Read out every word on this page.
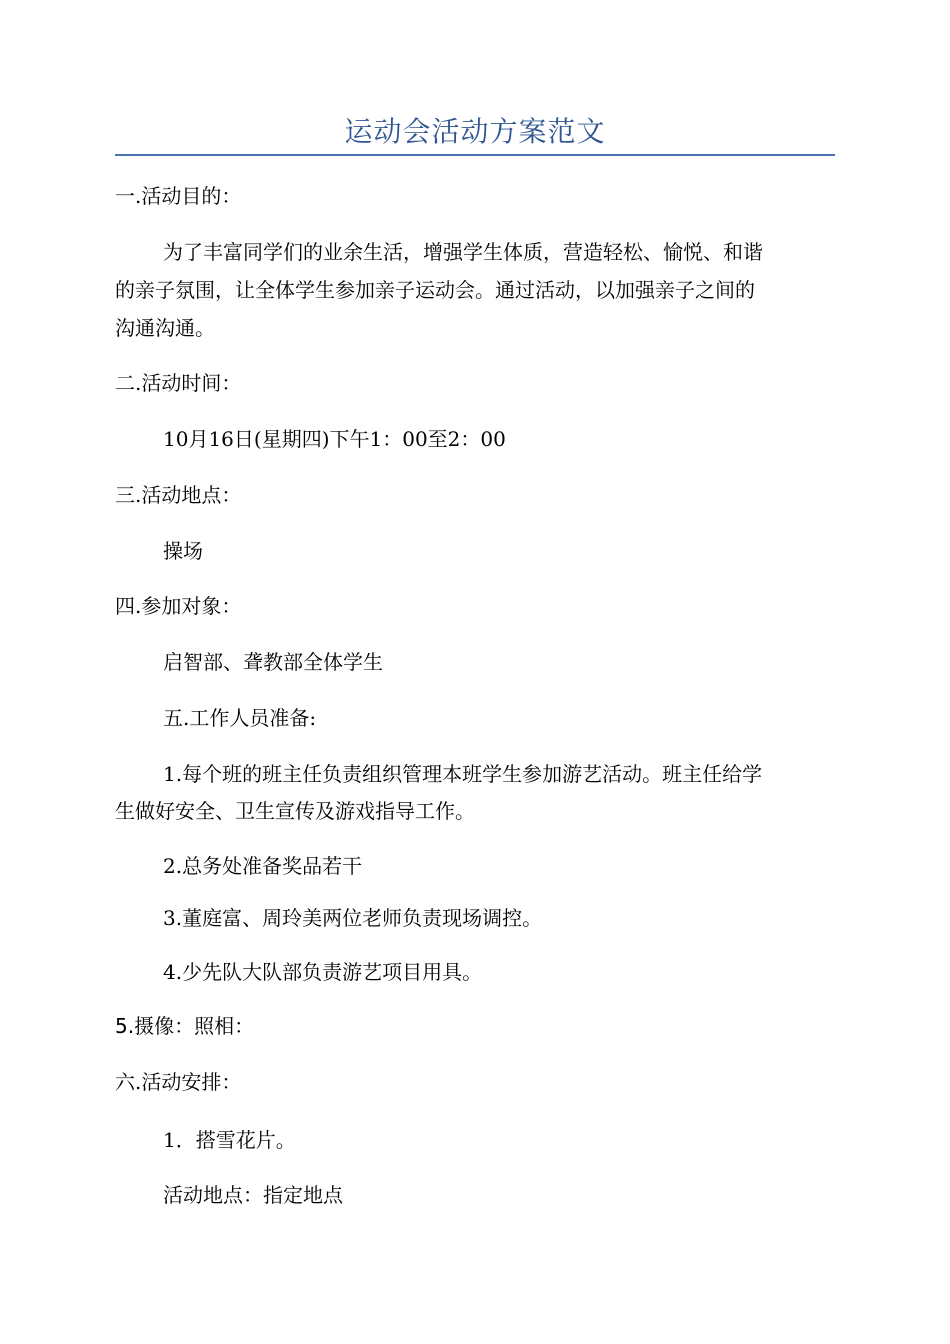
运动会活动方案范文
一.活动目的：
为了丰富同学们的业余生活，增强学生体质，营造轻松、愉悦、和谐
的亲子氛围，让全体学生参加亲子运动会。通过活动，以加强亲子之间的
沟通沟通。
二.活动时间：
10月16日(星期四)下午1：00至2：00
三.活动地点：
操场
四.参加对象：
启智部、聋教部全体学生
五.工作人员准备:
1.每个班的班主任负责组织管理本班学生参加游艺活动。班主任给学
生做好安全、卫生宣传及游戏指导工作。
2.总务处准备奖品若干
3.董庭富、周玲美两位老师负责现场调控。
4.少先队大队部负责游艺项目用具。
5.摄像：照相：
六.活动安排：
1．搭雪花片。
活动地点：指定地点
